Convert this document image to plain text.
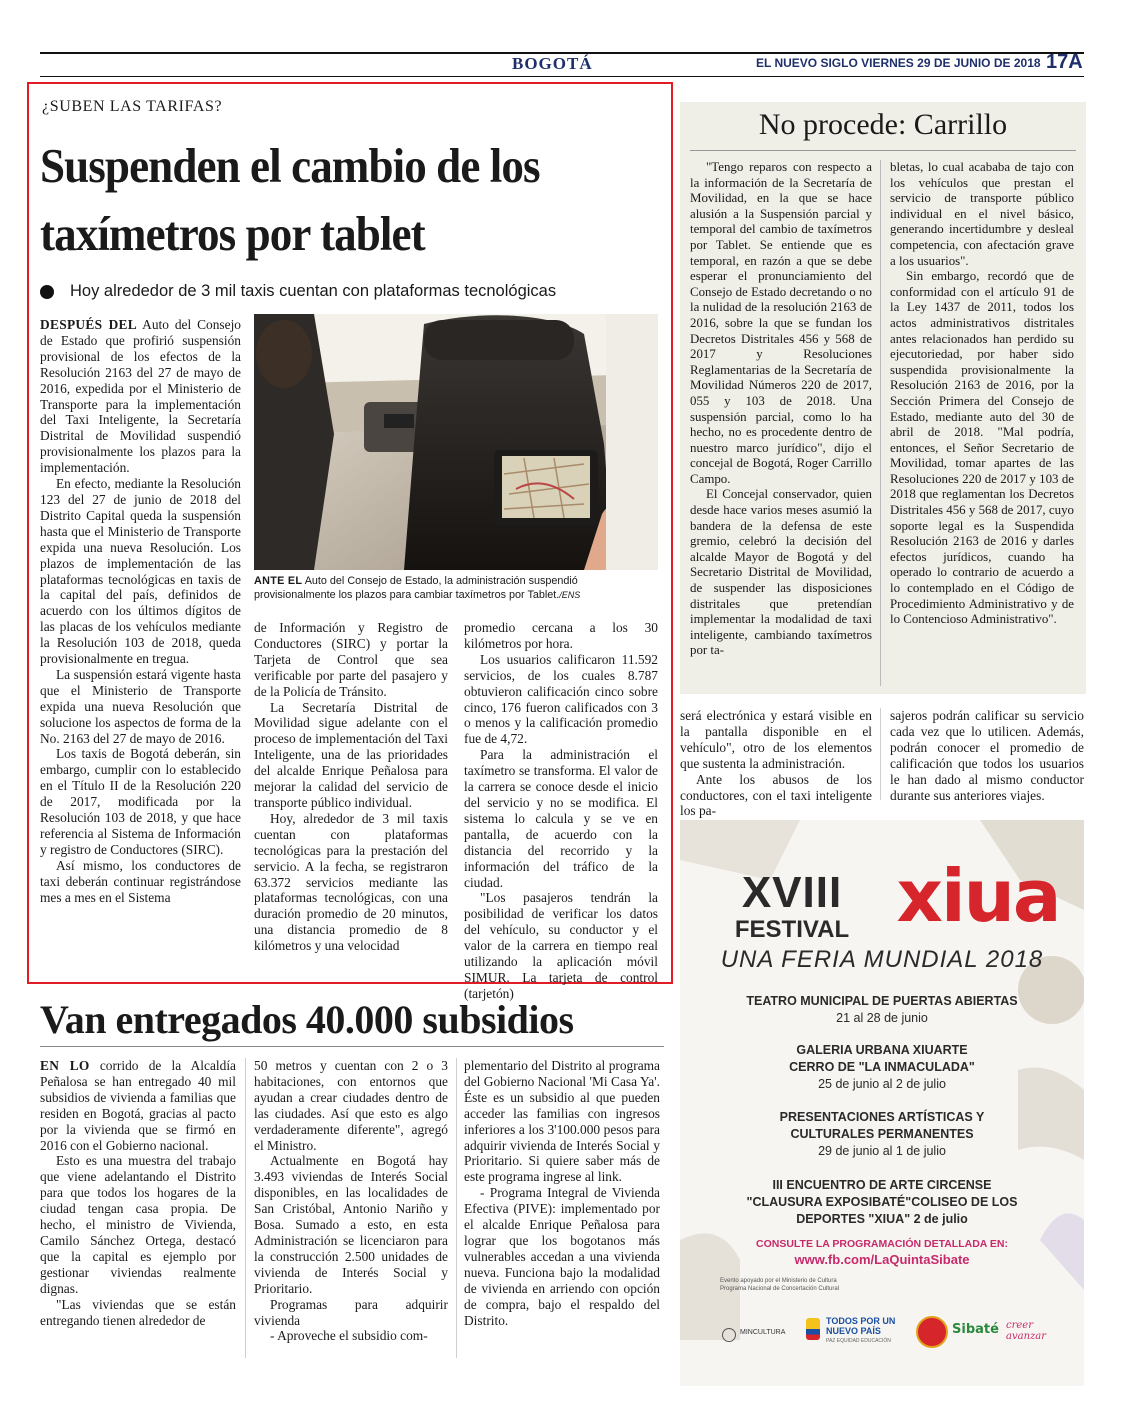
BOGOTÁ	EL NUEVO SIGLO VIERNES 29 DE JUNIO DE 2018 17A
¿SUBEN LAS TARIFAS?
Suspenden el cambio de los taxímetros por tablet
Hoy alrededor de 3 mil taxis cuentan con plataformas tecnológicas

DESPUÉS DEL Auto del Consejo de Estado que profirió suspensión provisional de los efectos de la Resolución 2163 del 27 de mayo de 2016, expedida por el Ministerio de Transporte para la implementación del Taxi Inteligente, la Secretaría Distrital de Movilidad suspendió provisionalmente los plazos para la implementación.

En efecto, mediante la Resolución 123 del 27 de junio de 2018 del Distrito Capital queda la suspensión hasta que el Ministerio de Transporte expida una nueva Resolución. Los plazos de implementación de las plataformas tecnológicas en taxis de la capital del país, definidos de acuerdo con los últimos dígitos de las placas de los vehículos mediante la Resolución 103 de 2018, queda provisionalmente en tregua.

La suspensión estará vigente hasta que el Ministerio de Transporte expida una nueva Resolución que solucione los aspectos de forma de la No. 2163 del 27 de mayo de 2016.

Los taxis de Bogotá deberán, sin embargo, cumplir con lo establecido en el Título II de la Resolución 220 de 2017, modificada por la Resolución 103 de 2018, y que hace referencia al Sistema de Información y registro de Conductores (SIRC).

Así mismo, los conductores de taxi deberán continuar registrándose mes a mes en el Sistema

ANTE EL Auto del Consejo de Estado, la administración suspendió provisionalmente los plazos para cambiar taxímetros por Tablet./ENS

de Información y Registro de Conductores (SIRC) y portar la Tarjeta de Control que sea verificable por parte del pasajero y de la Policía de Tránsito.

La Secretaría Distrital de Movilidad sigue adelante con el proceso de implementación del Taxi Inteligente, una de las prioridades del alcalde Enrique Peñalosa para mejorar la calidad del servicio de transporte público individual.

Hoy, alrededor de 3 mil taxis cuentan con plataformas tecnológicas para la prestación del servicio. A la fecha, se registraron 63.372 servicios mediante las plataformas tecnológicas, con una duración promedio de 20 minutos, una distancia promedio de 8 kilómetros y una velocidad

promedio cercana a los 30 kilómetros por hora.

Los usuarios calificaron 11.592 servicios, de los cuales 8.787 obtuvieron calificación cinco sobre cinco, 176 fueron calificados con 3 o menos y la calificación promedio fue de 4,72.

Para la administración el taxímetro se transforma. El valor de la carrera se conoce desde el inicio del servicio y no se modifica. El sistema lo calcula y se ve en pantalla, de acuerdo con la distancia del recorrido y la información del tráfico de la ciudad.

"Los pasajeros tendrán la posibilidad de verificar los datos del vehículo, su conductor y el valor de la carrera en tiempo real utilizando la aplicación móvil SIMUR. La tarjeta de control (tarjetón)

No procede: Carrillo

"Tengo reparos con respecto a la información de la Secretaría de Movilidad, en la que se hace alusión a la Suspensión parcial y temporal del cambio de taxímetros por Tablet. Se entiende que es temporal, en razón a que se debe esperar el pronunciamiento del Consejo de Estado decretando o no la nulidad de la resolución 2163 de 2016, sobre la que se fundan los Decretos Distritales 456 y 568 de 2017 y Resoluciones Reglamentarias de la Secretaría de Movilidad Números 220 de 2017, 055 y 103 de 2018. Una suspensión parcial, como lo ha hecho, no es procedente dentro de nuestro marco jurídico", dijo el concejal de Bogotá, Roger Carrillo Campo.

El Concejal conservador, quien desde hace varios meses asumió la bandera de la defensa de este gremio, celebró la decisión del alcalde Mayor de Bogotá y del Secretario Distrital de Movilidad, de suspender las disposiciones distritales que pretendían implementar la modalidad de taxi inteligente, cambiando taxímetros por ta-

bletas, lo cual acababa de tajo con los vehículos que prestan el servicio de transporte público individual en el nivel básico, generando incertidumbre y desleal competencia, con afectación grave a los usuarios".

Sin embargo, recordó que de conformidad con el artículo 91 de la Ley 1437 de 2011, todos los actos administrativos distritales antes relacionados han perdido su ejecutoriedad, por haber sido suspendida provisionalmente la Resolución 2163 de 2016, por la Sección Primera del Consejo de Estado, mediante auto del 30 de abril de 2018. "Mal podría, entonces, el Señor Secretario de Movilidad, tomar apartes de las Resoluciones 220 de 2017 y 103 de 2018 que reglamentan los Decretos Distritales 456 y 568 de 2017, cuyo soporte legal es la Suspendida Resolución 2163 de 2016 y darles efectos jurídicos, cuando ha operado lo contrario de acuerdo a lo contemplado en el Código de Procedimiento Administrativo y de lo Contencioso Administrativo".

será electrónica y estará visible en la pantalla disponible en el vehículo", otro de los elementos que sustenta la administración.

Ante los abusos de los conductores, con el taxi inteligente los pa-

sajeros podrán calificar su servicio cada vez que lo utilicen. Además, podrán conocer el promedio de calificación que todos los usuarios le han dado al mismo conductor durante sus anteriores viajes.

Van entregados 40.000 subsidios

EN LO corrido de la Alcaldía Peñalosa se han entregado 40 mil subsidios de vivienda a familias que residen en Bogotá, gracias al pacto por la vivienda que se firmó en 2016 con el Gobierno nacional.

Esto es una muestra del trabajo que viene adelantando el Distrito para que todos los hogares de la ciudad tengan casa propia. De hecho, el ministro de Vivienda, Camilo Sánchez Ortega, destacó que la capital es ejemplo por gestionar viviendas realmente dignas.

"Las viviendas que se están entregando tienen alrededor de

50 metros y cuentan con 2 o 3 habitaciones, con entornos que ayudan a crear ciudades dentro de las ciudades. Así que esto es algo verdaderamente diferente", agregó el Ministro.

Actualmente en Bogotá hay 3.493 viviendas de Interés Social disponibles, en las localidades de San Cristóbal, Antonio Nariño y Bosa. Sumado a esto, en esta Administración se licenciaron para la construcción 2.500 unidades de vivienda de Interés Social y Prioritario.

Programas para adquirir vivienda

- Aproveche el subsidio com-

plementario del Distrito al programa del Gobierno Nacional 'Mi Casa Ya'. Éste es un subsidio al que pueden acceder las familias con ingresos inferiores a los 3'100.000 pesos para adquirir vivienda de Interés Social y Prioritario. Si quiere saber más de este programa ingrese al link.

- Programa Integral de Vivienda Efectiva (PIVE): implementado por el alcalde Enrique Peñalosa para lograr que los bogotanos más vulnerables accedan a una vivienda nueva. Funciona bajo la modalidad de vivienda en arriendo con opción de compra, bajo el respaldo del Distrito.

XVIII
FESTIVAL xiua
UNA FERIA MUNDIAL 2018
TEATRO MUNICIPAL DE PUERTAS ABIERTAS
21 al 28 de junio
GALERIA URBANA XIUARTE
CERRO DE "LA INMACULADA"
25 de junio al 2 de julio
PRESENTACIONES ARTÍSTICAS Y
CULTURALES PERMANENTES
29 de junio al 1 de julio
III ENCUENTRO DE ARTE CIRCENSE
"CLAUSURA EXPOSIBATÉ"COLISEO DE LOS
DEPORTES "XIUA" 2 de julio
CONSULTE LA PROGRAMACIÓN DETALLADA EN:
www.fb.com/LaQuintaSibate
Evento apoyado por el Ministerio de Cultura
Programa Nacional de Concertación Cultural
MINCULTURA
TODOS POR UN NUEVO PAÍS
PAZ EQUIDAD EDUCACIÓN
Sibaté creer avanzar
